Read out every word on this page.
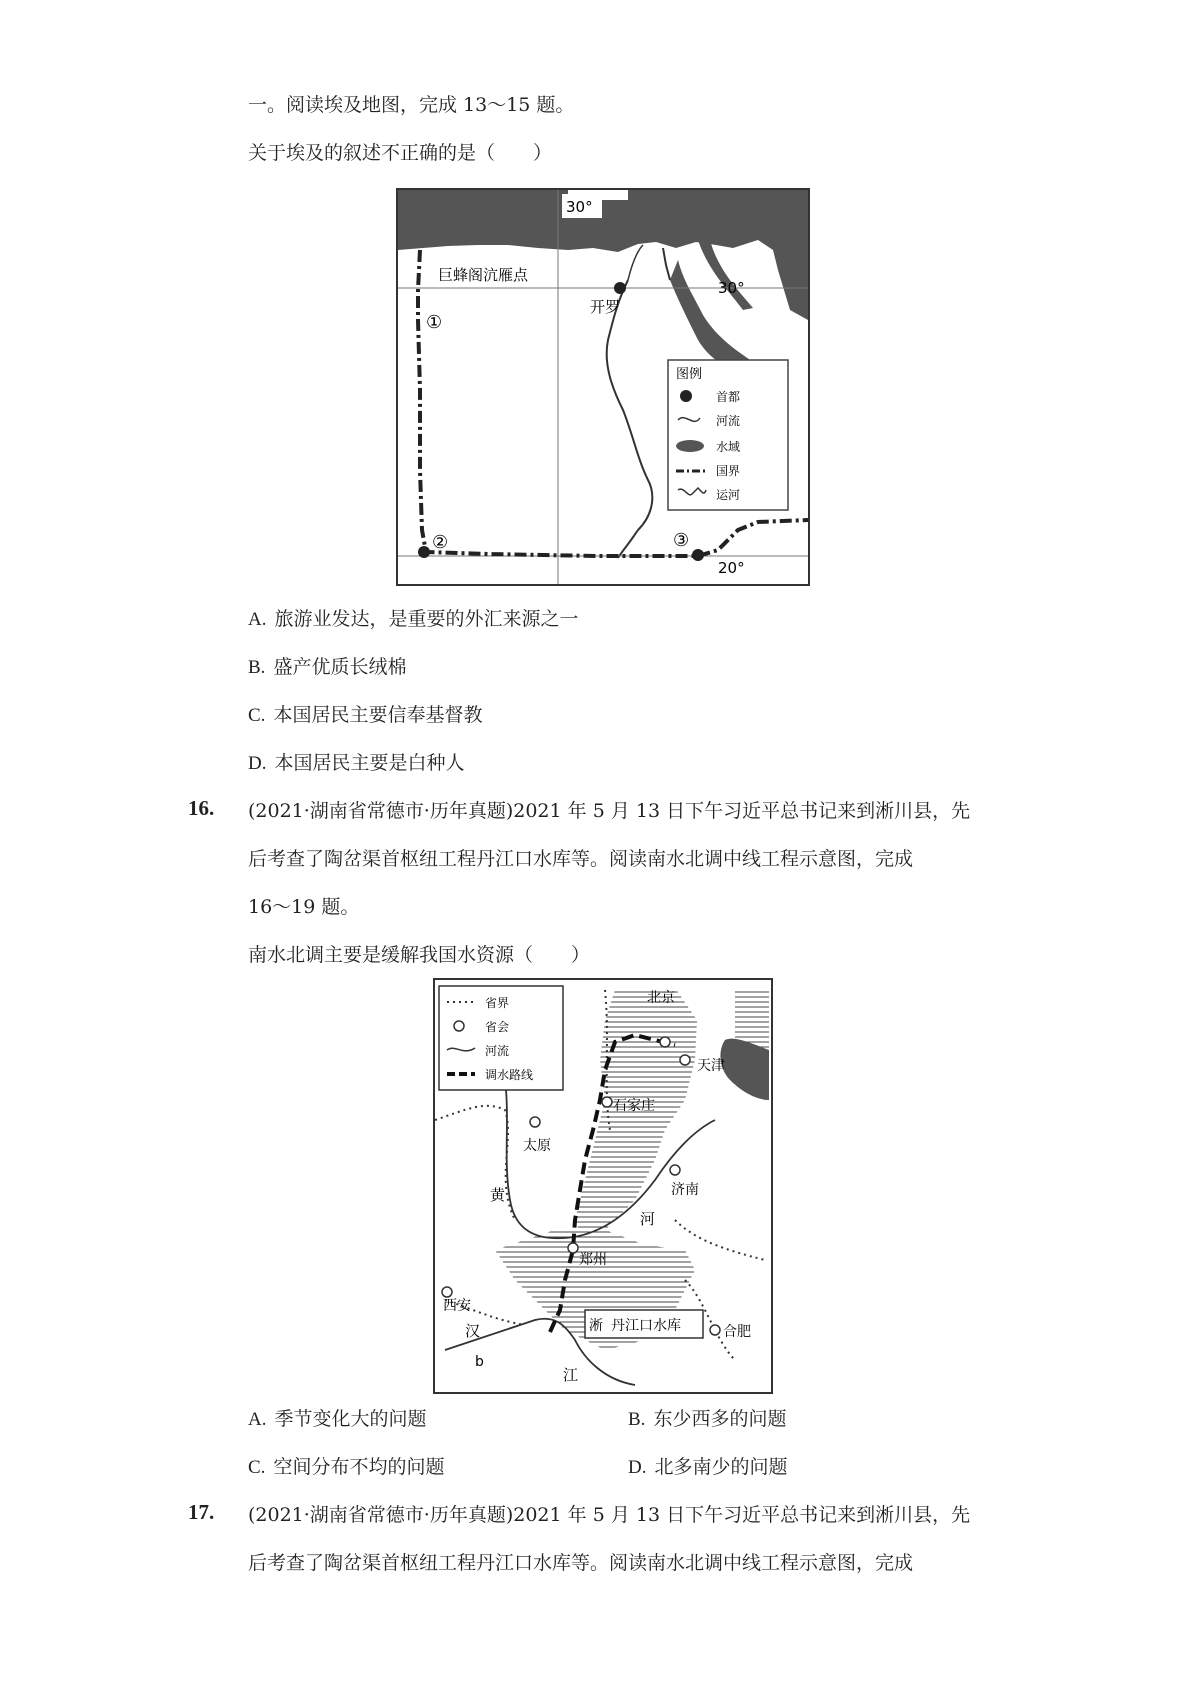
一。阅读埃及地图，完成 13～15 题。
关于埃及的叙述不正确的是（　　）
30°
30°
20°
巨蜂阁沆雁点
开罗
①
②	③
图例
首都
河流
水域
国界
运河
A. 旅游业发达，是重要的外汇来源之一
B. 盛产优质长绒棉
C. 本国居民主要信奉基督教
D. 本国居民主要是白种人
16. (2021·湖南省常德市·历年真题)2021 年 5 月 13 日下午习近平总书记来到淅川县，先
后考查了陶岔渠首枢纽工程丹江口水库等。阅读南水北调中线工程示意图，完成
16～19 题。
南水北调主要是缓解我国水资源（　　）
省界
省会
河流
调水路线
北京
天津
石家庄
太原
济南
郑州
西安
合肥
黄
河
江
汉
b
淅 丹江口水库
A. 季节变化大的问题	B. 东少西多的问题
C. 空间分布不均的问题	D. 北多南少的问题
17. (2021·湖南省常德市·历年真题)2021 年 5 月 13 日下午习近平总书记来到淅川县，先
后考查了陶岔渠首枢纽工程丹江口水库等。阅读南水北调中线工程示意图，完成
